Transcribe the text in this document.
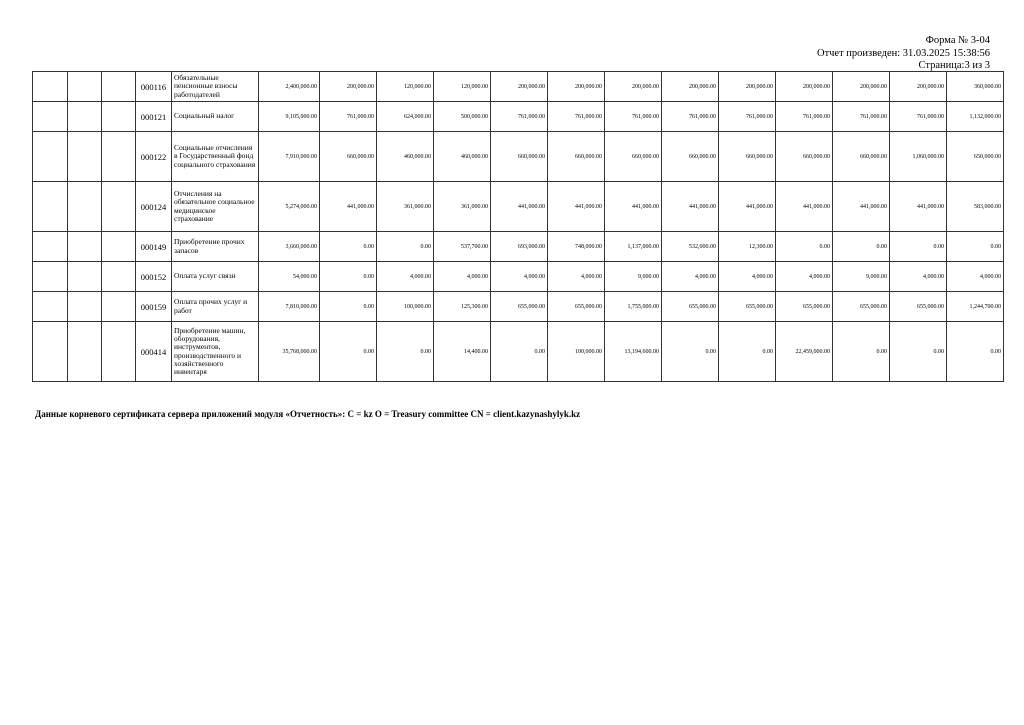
Форма № 3-04
Отчет произведен: 31.03.2025 15:38:56
Страница:3 из 3
			000116	Обязательные пенсионные взносы работодателей	2,400,000.00	200,000.00	120,000.00	120,000.00	200,000.00	200,000.00	200,000.00	200,000.00	200,000.00	200,000.00	200,000.00	200,000.00	360,000.00
			000121	Социальный налог	9,105,000.00	761,000.00	624,000.00	500,000.00	761,000.00	761,000.00	761,000.00	761,000.00	761,000.00	761,000.00	761,000.00	761,000.00	1,132,000.00
			000122	Социальные отчисления в Государственный фонд социального страхования	7,910,000.00	660,000.00	460,000.00	460,000.00	660,000.00	660,000.00	660,000.00	660,000.00	660,000.00	660,000.00	660,000.00	1,060,000.00	650,000.00
			000124	Отчисления на обязательное социальное медицинское страхование	5,274,000.00	441,000.00	361,000.00	361,000.00	441,000.00	441,000.00	441,000.00	441,000.00	441,000.00	441,000.00	441,000.00	441,000.00	583,000.00
			000149	Приобретение прочих запасов	3,660,000.00	0.00	0.00	537,700.00	693,000.00	748,000.00	1,137,000.00	532,000.00	12,300.00	0.00	0.00	0.00	0.00
			000152	Оплата услуг связи	54,000.00	0.00	4,000.00	4,000.00	4,000.00	4,000.00	9,000.00	4,000.00	4,000.00	4,000.00	9,000.00	4,000.00	4,000.00
			000159	Оплата прочих услуг и работ	7,810,000.00	0.00	100,000.00	125,300.00	655,000.00	655,000.00	1,755,000.00	655,000.00	655,000.00	655,000.00	655,000.00	655,000.00	1,244,700.00
			000414	Приобретение машин, оборудования, инструментов, производственного и хозяйственного инвентаря	35,768,000.00	0.00	0.00	14,400.00	0.00	100,000.00	13,194,600.00	0.00	0.00	22,459,000.00	0.00	0.00	0.00
Данные корневого сертификата сервера приложений модуля «Отчетность»: C = kz O = Treasury committee CN = client.kazynashylyk.kz
